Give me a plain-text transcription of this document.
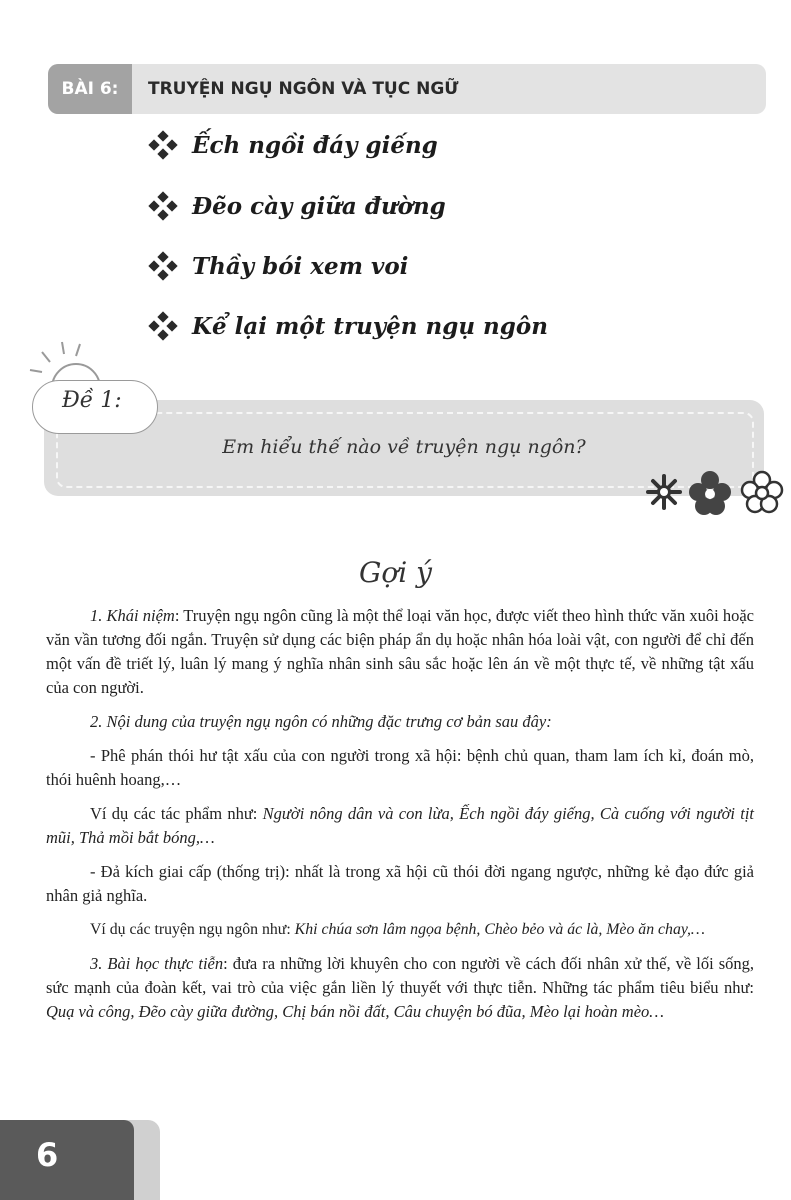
BÀI 6:	TRUYỆN NGỤ NGÔN VÀ TỤC NGỮ
Ếch ngồi đáy giếng
Đẽo cày giữa đường
Thầy bói xem voi
Kể lại một truyện ngụ ngôn
Em hiểu thế nào về truyện ngụ ngôn?
Đề 1:
Gợi ý

1. Khái niệm: Truyện ngụ ngôn cũng là một thể loại văn học, được viết theo hình thức văn xuôi hoặc văn vần tương đối ngắn. Truyện sử dụng các biện pháp ẩn dụ hoặc nhân hóa loài vật, con người để chỉ đến một vấn đề triết lý, luân lý mang ý nghĩa nhân sinh sâu sắc hoặc lên án về một thực tế, về những tật xấu của con người.

2. Nội dung của truyện ngụ ngôn có những đặc trưng cơ bản sau đây:

- Phê phán thói hư tật xấu của con người trong xã hội: bệnh chủ quan, tham lam ích kỉ, đoán mò, thói huênh hoang,…

Ví dụ các tác phẩm như: Người nông dân và con lừa, Ếch ngồi đáy giếng, Cà cuống với người tịt mũi, Thả mồi bắt bóng,…

- Đả kích giai cấp (thống trị): nhất là trong xã hội cũ thói đời ngang ngược, những kẻ đạo đức giả nhân giả nghĩa.

Ví dụ các truyện ngụ ngôn như: Khi chúa sơn lâm ngọa bệnh, Chèo bẻo và ác là, Mèo ăn chay,…

3. Bài học thực tiễn: đưa ra những lời khuyên cho con người về cách đối nhân xử thế, về lối sống, sức mạnh của đoàn kết, vai trò của việc gắn liền lý thuyết với thực tiễn. Những tác phẩm tiêu biểu như: Quạ và công, Đẽo cày giữa đường, Chị bán nồi đất, Câu chuyện bó đũa, Mèo lại hoàn mèo…

6
